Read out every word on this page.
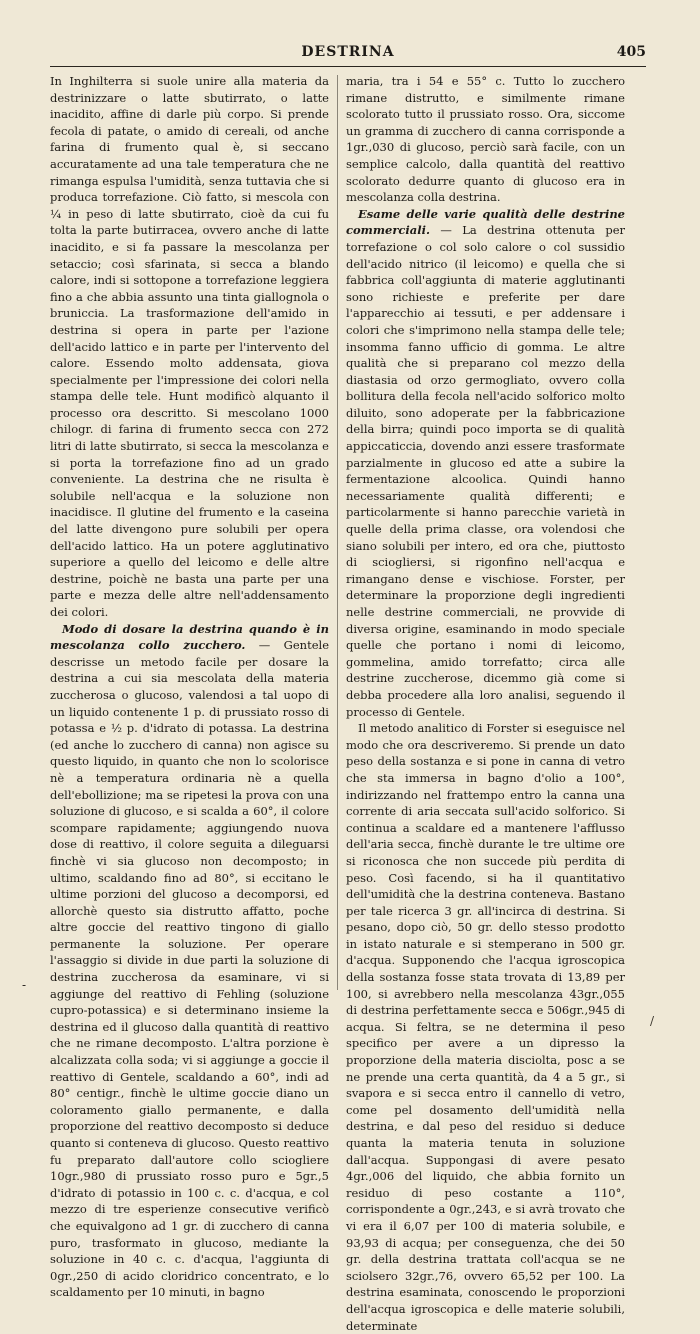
DESTRINA	405

In Inghilterra si suole unire alla materia da destrinizzare o latte sbutirrato, o latte inacidito, affine di darle più corpo. Si prende fecola di patate, o amido di cereali, od anche farina di frumento qual è, si seccano accuratamente ad una tale temperatura che ne rimanga espulsa l'umidità, senza tuttavia che si produca torrefazione. Ciò fatto, si mescola con ¼ in peso di latte sbutirrato, cioè da cui fu tolta la parte butirracea, ovvero anche di latte inacidito, e si fa passare la mescolanza per setaccio; così sfarinata, si secca a blando calore, indi si sottopone a torrefazione leggiera fino a che abbia assunto una tinta giallognola o bruniccia. La trasformazione dell'amido in destrina si opera in parte per l'azione dell'acido lattico e in parte per l'intervento del calore. Essendo molto addensata, giova specialmente per l'impressione dei colori nella stampa delle tele. Hunt modificò alquanto il processo ora descritto. Si mescolano 1000 chilogr. di farina di frumento secca con 272 litri di latte sbutirrato, si secca la mescolanza e si porta la torrefazione fino ad un grado conveniente. La destrina che ne risulta è solubile nell'acqua e la soluzione non inacidisce. Il glutine del frumento e la caseina del latte divengono pure solubili per opera dell'acido lattico. Ha un potere agglutinativo superiore a quello del leicomo e delle altre destrine, poichè ne basta una parte per una parte e mezza delle altre nell'addensamento dei colori.

Modo di dosare la destrina quando è in mescolanza collo zucchero. — Gentele descrisse un metodo facile per dosare la destrina a cui sia mescolata della materia zuccherosa o glucoso, valendosi a tal uopo di un liquido contenente 1 p. di prussiato rosso di potassa e ½ p. d'idrato di potassa. La destrina (ed anche lo zucchero di canna) non agisce su questo liquido, in quanto che non lo scolorisce nè a temperatura ordinaria nè a quella dell'ebollizione; ma se ripetesi la prova con una soluzione di glucoso, e si scalda a 60°, il colore scompare rapidamente; aggiungendo nuova dose di reattivo, il colore seguita a dileguarsi finchè vi sia glucoso non decomposto; in ultimo, scaldando fino ad 80°, si eccitano le ultime porzioni del glucoso a decomporsi, ed allorchè questo sia distrutto affatto, poche altre goccie del reattivo tingono di giallo permanente la soluzione. Per operare l'assaggio si divide in due parti la soluzione di destrina zuccherosa da esaminare, vi si aggiunge del reattivo di Fehling (soluzione cupro-potassica) e si determinano insieme la destrina ed il glucoso dalla quantità di reattivo che ne rimane decomposto. L'altra porzione è alcalizzata colla soda; vi si aggiunge a goccie il reattivo di Gentele, scaldando a 60°, indi ad 80° centigr., finchè le ultime goccie diano un coloramento giallo permanente, e dalla proporzione del reattivo decomposto si deduce quanto si conteneva di glucoso. Questo reattivo fu preparato dall'autore collo sciogliere 10gr.,980 di prussiato rosso puro e 5gr.,5 d'idrato di potassio in 100 c. c. d'acqua, e col mezzo di tre esperienze consecutive verificò che equivalgono ad 1 gr. di zucchero di canna puro, trasformato in glucoso, mediante la soluzione in 40 c. c. d'acqua, l'aggiunta di 0gr.,250 di acido cloridrico concentrato, e lo scaldamento per 10 minuti, in bagno

maria, tra i 54 e 55° c. Tutto lo zucchero rimane distrutto, e similmente rimane scolorato tutto il prussiato rosso. Ora, siccome un gramma di zucchero di canna corrisponde a 1gr.,030 di glucoso, perciò sarà facile, con un semplice calcolo, dalla quantità del reattivo scolorato dedurre quanto di glucoso era in mescolanza colla destrina.

Esame delle varie qualità delle destrine commerciali. — La destrina ottenuta per torrefazione o col solo calore o col sussidio dell'acido nitrico (il leicomo) e quella che si fabbrica coll'aggiunta di materie agglutinanti sono richieste e preferite per dare l'apparecchio ai tessuti, e per addensare i colori che s'imprimono nella stampa delle tele; insomma fanno ufficio di gomma. Le altre qualità che si preparano col mezzo della diastasia od orzo germogliato, ovvero colla bollitura della fecola nell'acido solforico molto diluito, sono adoperate per la fabbricazione della birra; quindi poco importa se di qualità appiccaticcia, dovendo anzi essere trasformate parzialmente in glucoso ed atte a subire la fermentazione alcoolica. Quindi hanno necessariamente qualità differenti; e particolarmente si hanno parecchie varietà in quelle della prima classe, ora volendosi che siano solubili per intero, ed ora che, piuttosto di sciogliersi, si rigonfino nell'acqua e rimangano dense e vischiose. Forster, per determinare la proporzione degli ingredienti nelle destrine commerciali, ne provvide di diversa origine, esaminando in modo speciale quelle che portano i nomi di leicomo, gommelina, amido torrefatto; circa alle destrine zuccherose, dicemmo già come si debba procedere alla loro analisi, seguendo il processo di Gentele.

Il metodo analitico di Forster si eseguisce nel modo che ora descriveremo. Si prende un dato peso della sostanza e si pone in canna di vetro che sta immersa in bagno d'olio a 100°, indirizzando nel frattempo entro la canna una corrente di aria seccata sull'acido solforico. Si continua a scaldare ed a mantenere l'afflusso dell'aria secca, finchè durante le tre ultime ore si riconosca che non succede più perdita di peso. Così facendo, si ha il quantitativo dell'umidità che la destrina conteneva. Bastano per tale ricerca 3 gr. all'incirca di destrina. Si pesano, dopo ciò, 50 gr. dello stesso prodotto in istato naturale e si stemperano in 500 gr. d'acqua. Supponendo che l'acqua igroscopica della sostanza fosse stata trovata di 13,89 per 100, si avrebbero nella mescolanza 43gr.,055 di destrina perfettamente secca e 506gr.,945 di acqua. Si feltra, se ne determina il peso specifico per avere a un dipresso la proporzione della materia disciolta, posc a se ne prende una certa quantità, da 4 a 5 gr., si svapora e si secca entro il cannello di vetro, come pel dosamento dell'umidità nella destrina, e dal peso del residuo si deduce quanta la materia tenuta in soluzione dall'acqua. Suppongasi di avere pesato 4gr.,006 del liquido, che abbia fornito un residuo di peso costante a 110°, corrispondente a 0gr.,243, e si avrà trovato che vi era il 6,07 per 100 di materia solubile, e 93,93 di acqua; per conseguenza, che dei 50 gr. della destrina trattata coll'acqua se ne sciolsero 32gr.,76, ovvero 65,52 per 100. La destrina esaminata, conoscendo le proporzioni dell'acqua igroscopica e delle materie solubili, determinate

-
/
